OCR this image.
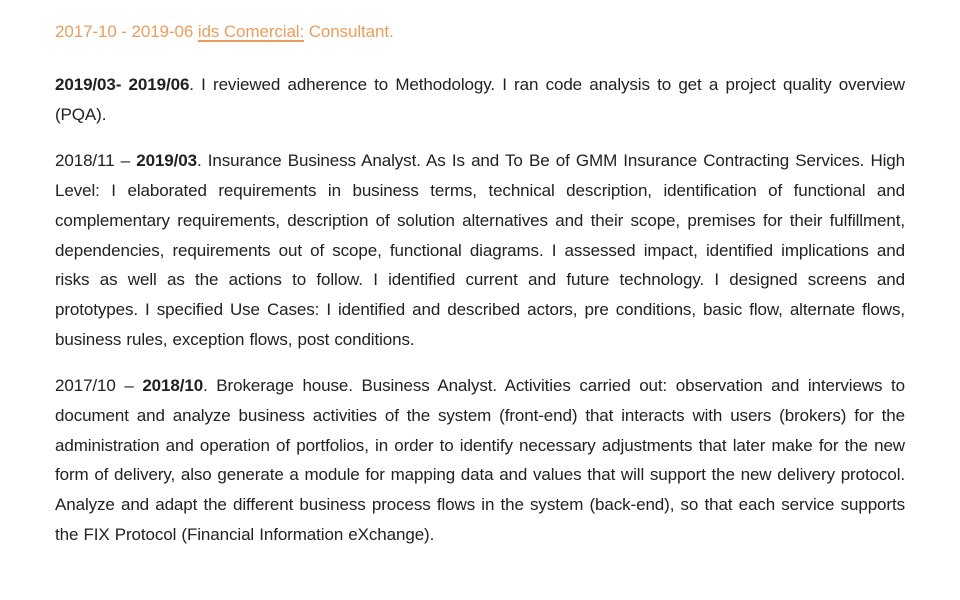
2017-10 - 2019-06 ids Comercial: Consultant.

2019/03- 2019/06. I reviewed adherence to Methodology. I ran code analysis to get a project quality overview (PQA).

2018/11 – 2019/03. Insurance Business Analyst. As Is and To Be of GMM Insurance Contracting Services. High Level: I elaborated requirements in business terms, technical description, identification of functional and complementary requirements, description of solution alternatives and their scope, premises for their fulfillment, dependencies, requirements out of scope, functional diagrams. I assessed impact, identified implications and risks as well as the actions to follow. I identified current and future technology. I designed screens and prototypes. I specified Use Cases: I identified and described actors, pre conditions, basic flow, alternate flows, business rules, exception flows, post conditions.

2017/10 – 2018/10. Brokerage house. Business Analyst. Activities carried out: observation and interviews to document and analyze business activities of the system (front-end) that interacts with users (brokers) for the administration and operation of portfolios, in order to identify necessary adjustments that later make for the new form of delivery, also generate a module for mapping data and values that will support the new delivery protocol. Analyze and adapt the different business process flows in the system (back-end), so that each service supports the FIX Protocol (Financial Information eXchange).
